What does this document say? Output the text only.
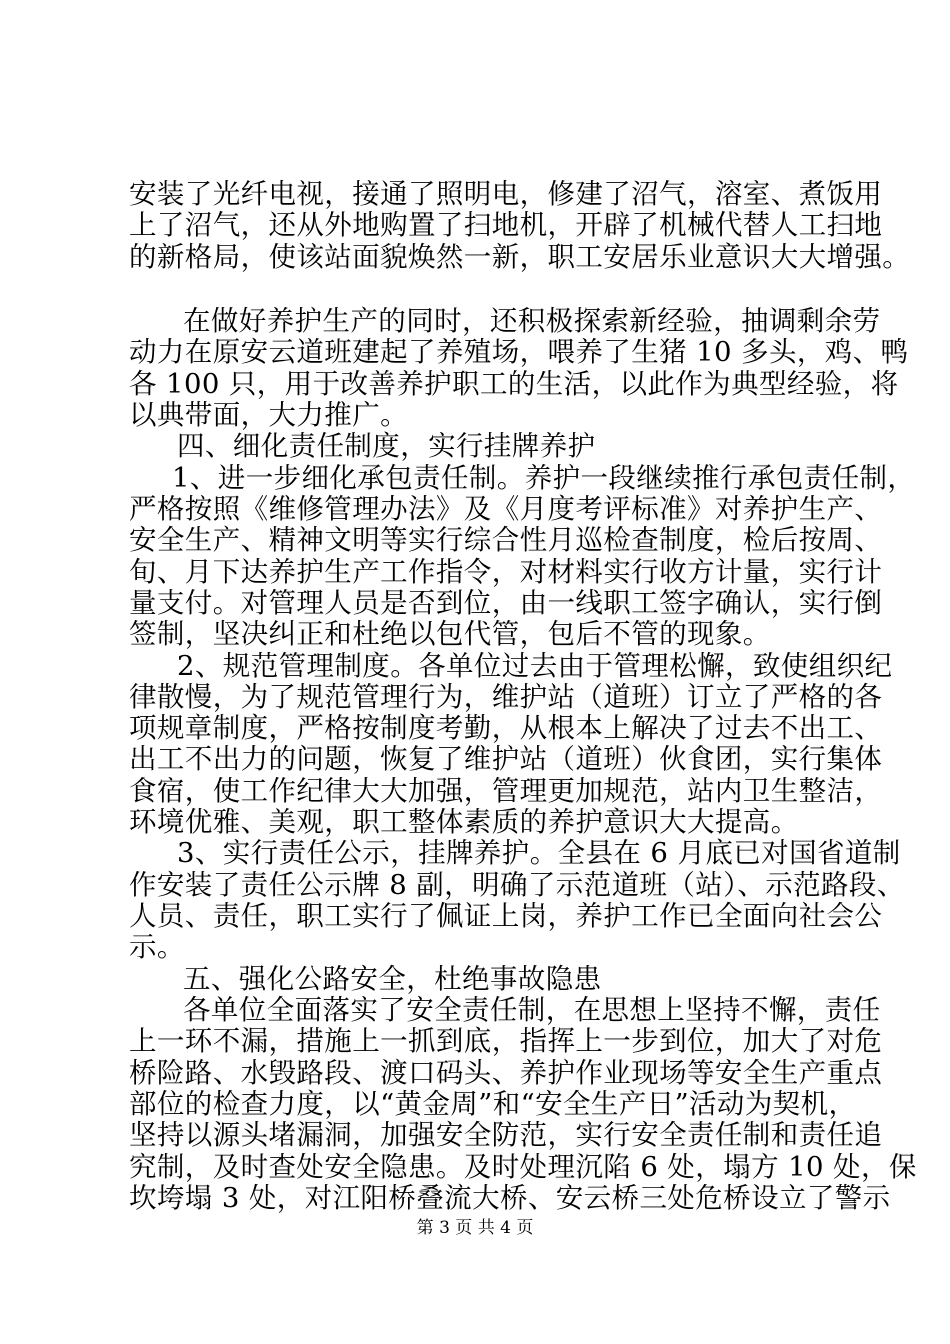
安装了光纤电视，接通了照明电，修建了沼气，溶室、煮饭用
上了沼气，还从外地购置了扫地机，开辟了机械代替人工扫地
的新格局，使该站面貌焕然一新，职工安居乐业意识大大增强。
在做好养护生产的同时，还积极探索新经验，抽调剩余劳
动力在原安云道班建起了养殖场，喂养了生猪 10 多头，鸡、鸭
各 100 只，用于改善养护职工的生活，以此作为典型经验，将
以典带面，大力推广。
四、细化责任制度，实行挂牌养护
1、进一步细化承包责任制。养护一段继续推行承包责任制，
严格按照《维修管理办法》及《月度考评标准》对养护生产、
安全生产、精神文明等实行综合性月巡检查制度，检后按周、
旬、月下达养护生产工作指令，对材料实行收方计量，实行计
量支付。对管理人员是否到位，由一线职工签字确认，实行倒
签制，坚决纠正和杜绝以包代管，包后不管的现象。
2、规范管理制度。各单位过去由于管理松懈，致使组织纪
律散慢，为了规范管理行为，维护站（道班）订立了严格的各
项规章制度，严格按制度考勤，从根本上解决了过去不出工、
出工不出力的问题，恢复了维护站（道班）伙食团，实行集体
食宿，使工作纪律大大加强，管理更加规范，站内卫生整洁，
环境优雅、美观，职工整体素质的养护意识大大提高。
3、实行责任公示，挂牌养护。全县在 6 月底已对国省道制
作安装了责任公示牌 8 副，明确了示范道班（站）、示范路段、
人员、责任，职工实行了佩证上岗，养护工作已全面向社会公
示。
五、强化公路安全，杜绝事故隐患
各单位全面落实了安全责任制，在思想上坚持不懈，责任
上一环不漏，措施上一抓到底，指挥上一步到位，加大了对危
桥险路、水毁路段、渡口码头、养护作业现场等安全生产重点
部位的检查力度，以“黄金周”和“安全生产日”活动为契机，
坚持以源头堵漏洞，加强安全防范，实行安全责任制和责任追
究制，及时查处安全隐患。及时处理沉陷 6 处，塌方 10 处，保
坎垮塌 3 处，对江阳桥叠流大桥、安云桥三处危桥设立了警示
第 3 页 共 4 页
